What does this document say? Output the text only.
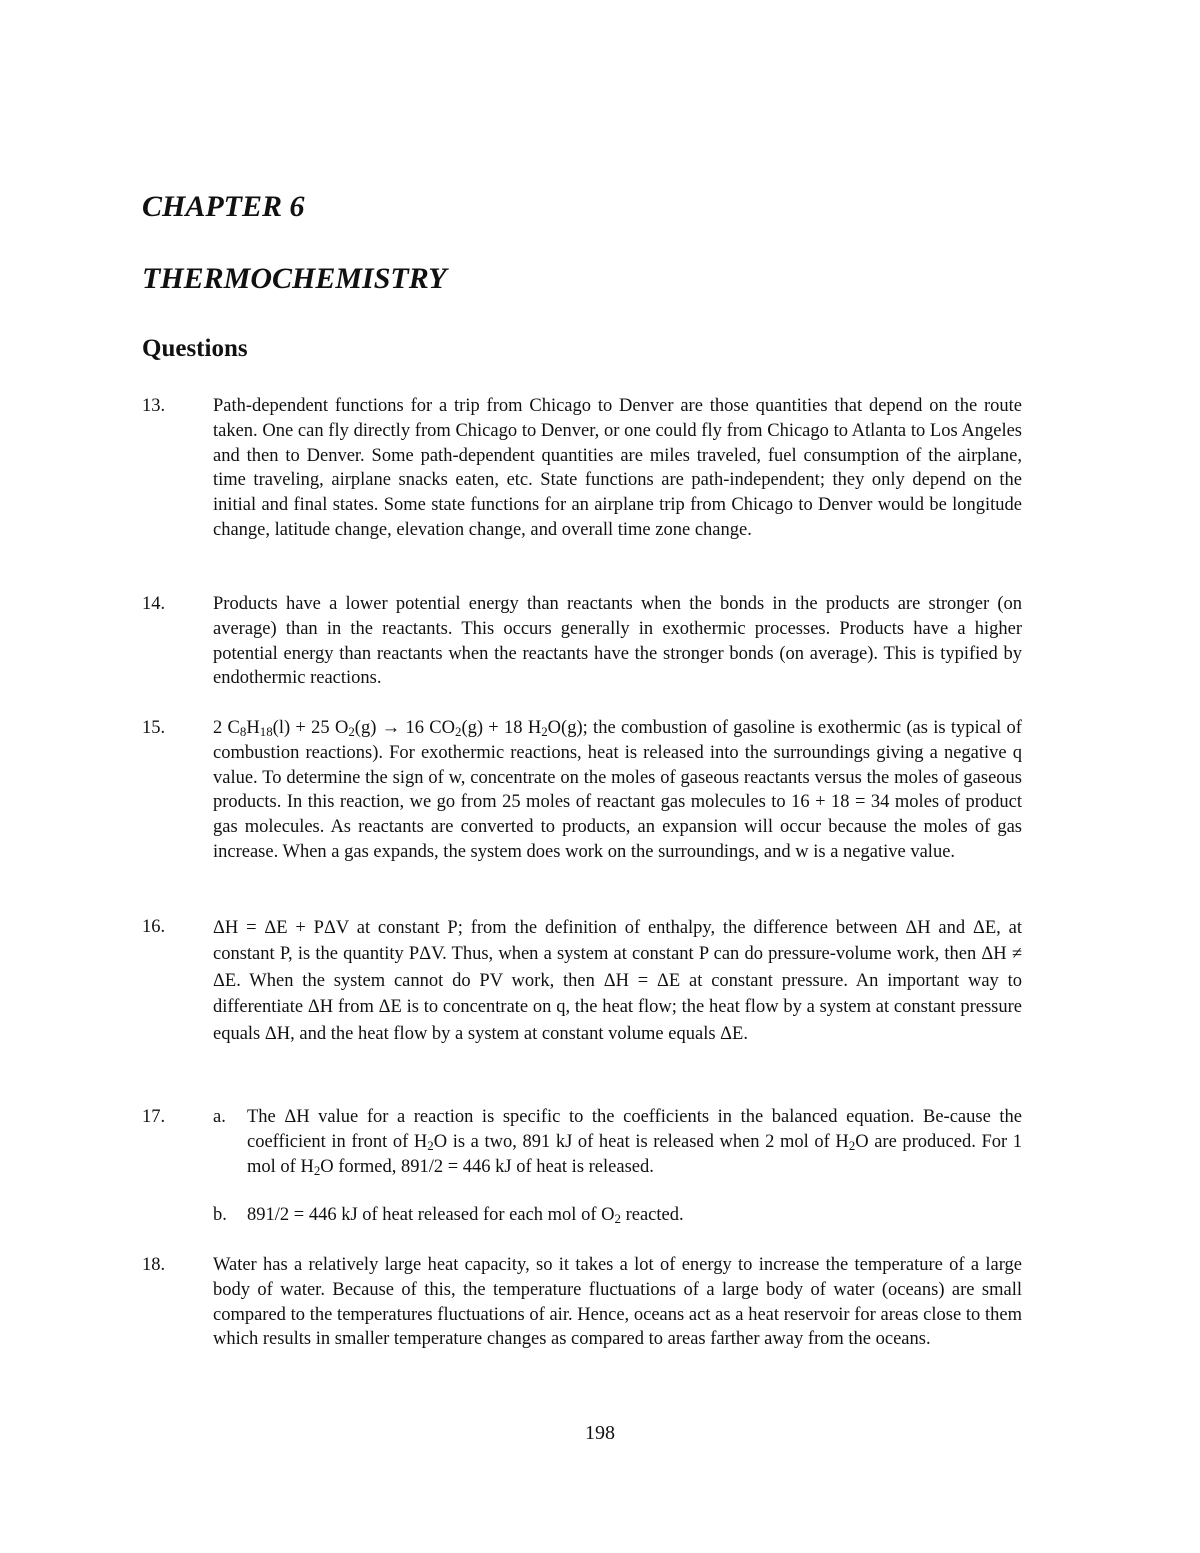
CHAPTER 6
THERMOCHEMISTRY
Questions
13.	Path-dependent functions for a trip from Chicago to Denver are those quantities that depend on the route taken. One can fly directly from Chicago to Denver, or one could fly from Chicago to Atlanta to Los Angeles and then to Denver. Some path-dependent quantities are miles traveled, fuel consumption of the airplane, time traveling, airplane snacks eaten, etc. State functions are path-independent; they only depend on the initial and final states. Some state functions for an airplane trip from Chicago to Denver would be longitude change, latitude change, elevation change, and overall time zone change.
14.	Products have a lower potential energy than reactants when the bonds in the products are stronger (on average) than in the reactants. This occurs generally in exothermic processes. Products have a higher potential energy than reactants when the reactants have the stronger bonds (on average). This is typified by endothermic reactions.
15.	2 $C_8H_{18}(l) + 25$ $O_2(g) \to 16$ $CO_2(g) + 18$ $H_2O(g)$; the combustion of gasoline is exothermic (as is typical of combustion reactions). For exothermic reactions, heat is released into the surroundings giving a negative q value. To determine the sign of w, concentrate on the moles of gaseous reactants versus the moles of gaseous products. In this reaction, we go from 25 moles of reactant gas molecules to 16 + 18 = 34 moles of product gas molecules. As reactants are converted to products, an expansion will occur because the moles of gas increase. When a gas expands, the system does work on the surroundings, and w is a negative value.
16.	ΔH = ΔE + PΔV at constant P; from the definition of enthalpy, the difference between ΔH and ΔE, at constant P, is the quantity PΔV. Thus, when a system at constant P can do pressure-volume work, then ΔH ≠ ΔE. When the system cannot do PV work, then ΔH = ΔE at constant pressure. An important way to differentiate ΔH from ΔE is to concentrate on q, the heat flow; the heat flow by a system at constant pressure equals ΔH, and the heat flow by a system at constant volume equals ΔE.
17.	a. The ΔH value for a reaction is specific to the coefficients in the balanced equation. Be-cause the coefficient in front of $H_2O$ is a two, 891 kJ of heat is released when 2 mol of $H_2O$ are produced. For 1 mol of $H_2O$ formed, 891/2 = 446 kJ of heat is released.
b. 891/2 = 446 kJ of heat released for each mol of $O_2$ reacted.
18.	Water has a relatively large heat capacity, so it takes a lot of energy to increase the temperature of a large body of water. Because of this, the temperature fluctuations of a large body of water (oceans) are small compared to the temperatures fluctuations of air. Hence, oceans act as a heat reservoir for areas close to them which results in smaller temperature changes as compared to areas farther away from the oceans.
198
